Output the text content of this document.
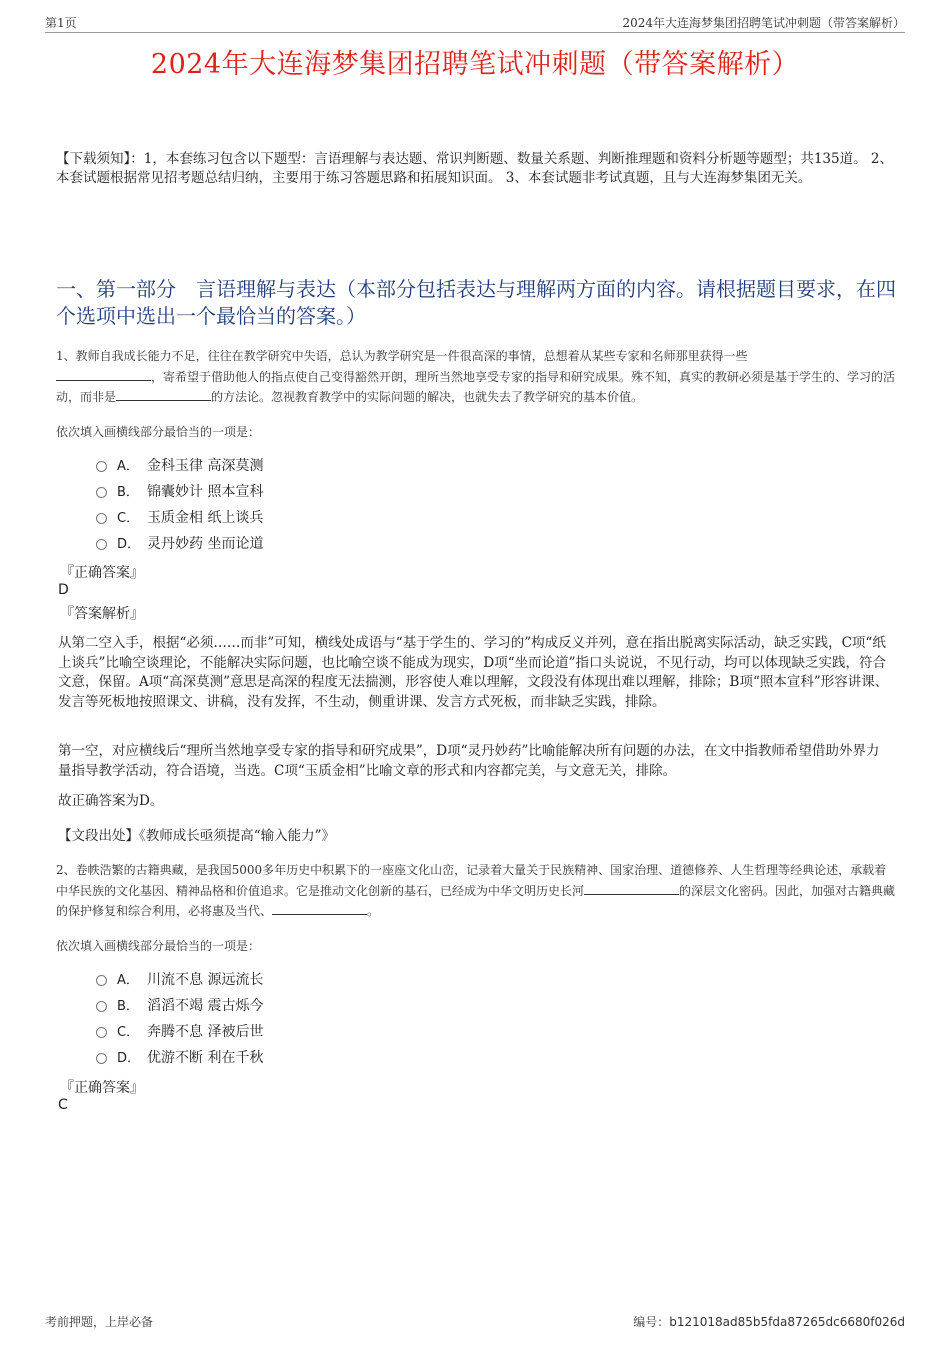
第1页	2024年大连海梦集团招聘笔试冲刺题（带答案解析）
2024年大连海梦集团招聘笔试冲刺题（带答案解析）
【下载须知】：1，本套练习包含以下题型：言语理解与表达题、常识判断题、数量关系题、判断推理题和资料分析题等题型；共135道。 2、本套试题根据常见招考题总结归纳，主要用于练习答题思路和拓展知识面。 3、本套试题非考试真题，且与大连海梦集团无关。
一、第一部分　言语理解与表达（本部分包括表达与理解两方面的内容。请根据题目要求，在四个选项中选出一个最恰当的答案。）
1、教师自我成长能力不足，往往在教学研究中失语，总认为教学研究是一件很高深的事情，总想着从某些专家和名师那里获得一些
，寄希望于借助他人的指点使自己变得豁然开朗，理所当然地享受专家的指导和研究成果。殊不知，真实的教研必须是基于学生的、学习的活动，而非是	的方法论。忽视教育教学中的实际问题的解决，也就失去了教学研究的基本价值。
依次填入画横线部分最恰当的一项是：
A． 金科玉律 高深莫测
B． 锦囊妙计 照本宣科
C． 玉质金相 纸上谈兵
D． 灵丹妙药 坐而论道
『正确答案』
D
『答案解析』
从第二空入手，根据“必须……而非”可知，横线处成语与“基于学生的、学习的”构成反义并列，意在指出脱离实际活动，缺乏实践，C项“纸上谈兵”比喻空谈理论，不能解决实际问题，也比喻空谈不能成为现实，D项“坐而论道”指口头说说，不见行动，均可以体现缺乏实践，符合文意，保留。A项“高深莫测”意思是高深的程度无法揣测，形容使人难以理解，文段没有体现出难以理解，排除；B项“照本宣科”形容讲课、发言等死板地按照课文、讲稿，没有发挥，不生动，侧重讲课、发言方式死板，而非缺乏实践，排除。
第一空，对应横线后“理所当然地享受专家的指导和研究成果”，D项“灵丹妙药”比喻能解决所有问题的办法，在文中指教师希望借助外界力量指导教学活动，符合语境，当选。C项“玉质金相”比喻文章的形式和内容都完美，与文意无关，排除。
故正确答案为D。
【文段出处】《教师成长亟须提高“输入能力”》
2、卷帙浩繁的古籍典藏，是我国5000多年历史中积累下的一座座文化山峦，记录着大量关于民族精神、国家治理、道德修养、人生哲理等经典论述，承载着中华民族的文化基因、精神品格和价值追求。它是推动文化创新的基石，已经成为中华文明历史长河	的深层文化密码。因此，加强对古籍典藏的保护修复和综合利用，必将惠及当代、	。
依次填入画横线部分最恰当的一项是：
A． 川流不息 源远流长
B． 滔滔不竭 震古烁今
C． 奔腾不息 泽被后世
D． 优游不断 利在千秋
『正确答案』
C
考前押题，上岸必备	编号：b121018ad85b5fda87265dc6680f026d
